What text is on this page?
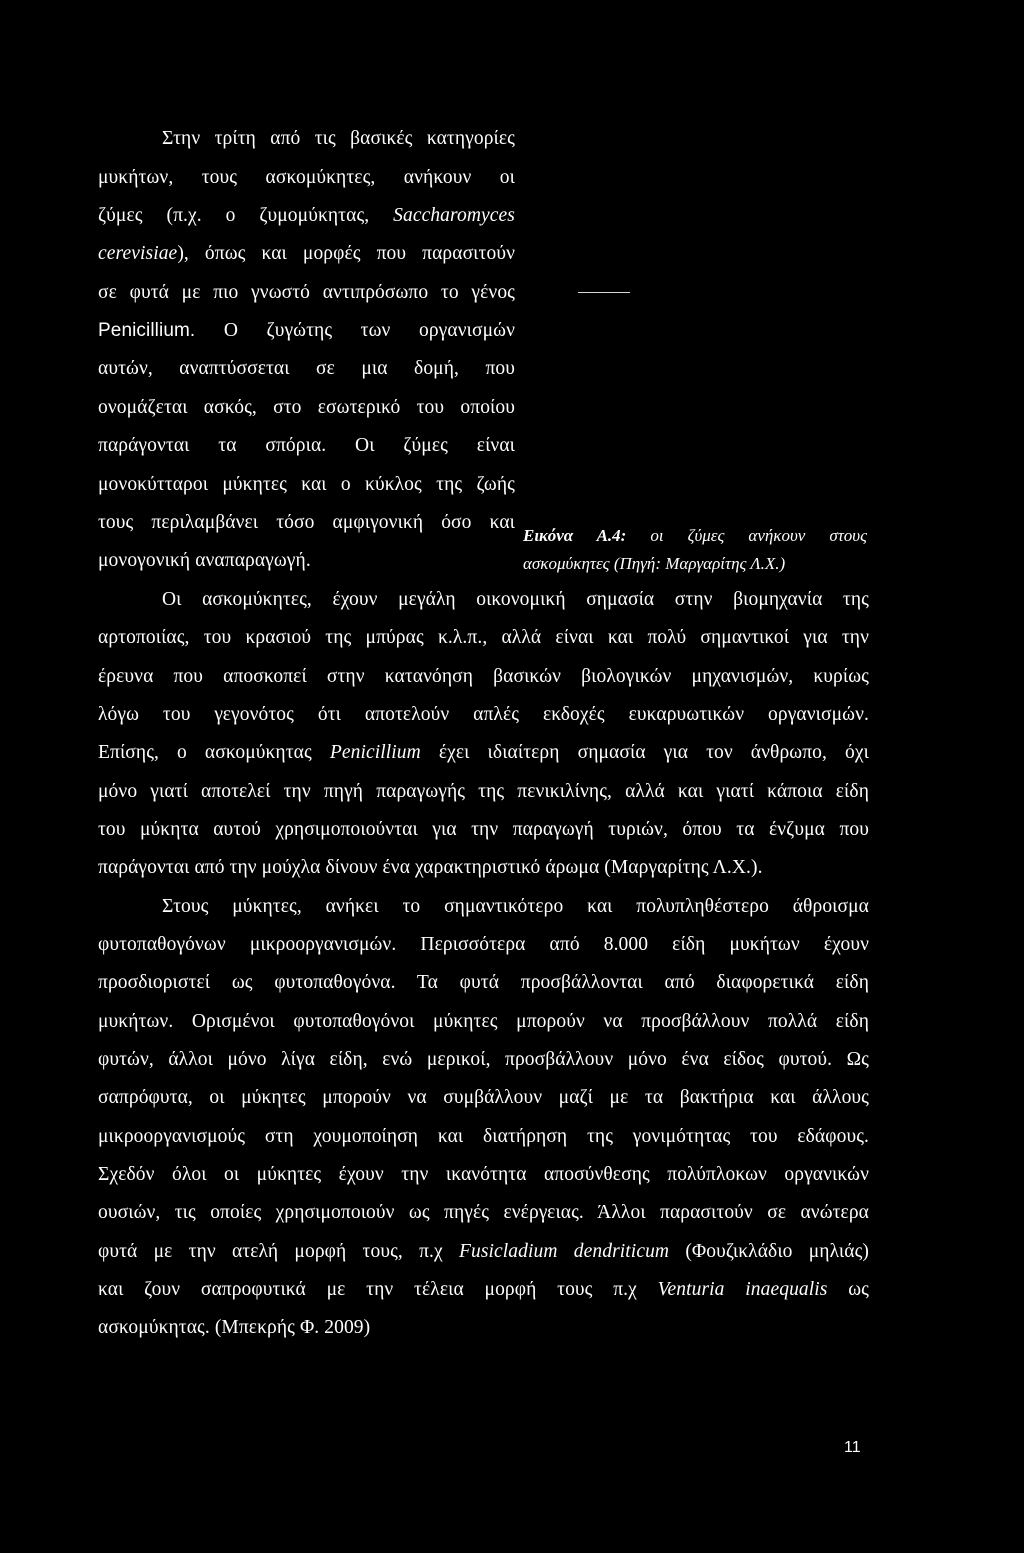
Στην τρίτη από τις βασικές κατηγορίες
μυκήτων, τους ασκομύκητες, ανήκουν οι
ζύμες (π.χ. ο ζυμομύκητας, Saccharomyces
cerevisiae), όπως και μορφές που παρασιτούν
σε φυτά με πιο γνωστό αντιπρόσωπο το γένος
Penicillium. Ο ζυγώτης των οργανισμών
αυτών, αναπτύσσεται σε μια δομή, που
ονομάζεται ασκός, στο εσωτερικό του οποίου
παράγονται τα σπόρια. Οι ζύμες είναι
μονοκύτταροι μύκητες και ο κύκλος της ζωής
τους περιλαμβάνει τόσο αμφιγονική όσο και
μονογονική αναπαραγωγή.
Εικόνα Α.4: οι ζύμες ανήκουν στους
ασκομύκητες (Πηγή: Μαργαρίτης Λ.Χ.)
Οι ασκομύκητες, έχουν μεγάλη οικονομική σημασία στην βιομηχανία της
αρτοποιίας, του κρασιού της μπύρας κ.λ.π., αλλά είναι και πολύ σημαντικοί για την
έρευνα που αποσκοπεί στην κατανόηση βασικών βιολογικών μηχανισμών, κυρίως
λόγω του γεγονότος ότι αποτελούν απλές εκδοχές ευκαρυωτικών οργανισμών.
Επίσης, ο ασκομύκητας Penicillium έχει ιδιαίτερη σημασία για τον άνθρωπο, όχι
μόνο γιατί αποτελεί την πηγή παραγωγής της πενικιλίνης, αλλά και γιατί κάποια είδη
του μύκητα αυτού χρησιμοποιούνται για την παραγωγή τυριών, όπου τα ένζυμα που
παράγονται από την μούχλα δίνουν ένα χαρακτηριστικό άρωμα (Μαργαρίτης Λ.Χ.).
Στους μύκητες, ανήκει το σημαντικότερο και πολυπληθέστερο άθροισμα
φυτοπαθογόνων μικροοργανισμών. Περισσότερα από 8.000 είδη μυκήτων έχουν
προσδιοριστεί ως φυτοπαθογόνα. Τα φυτά προσβάλλονται από διαφορετικά είδη
μυκήτων. Ορισμένοι φυτοπαθογόνοι μύκητες μπορούν να προσβάλλουν πολλά είδη
φυτών, άλλοι μόνο λίγα είδη, ενώ μερικοί, προσβάλλουν μόνο ένα είδος φυτού. Ως
σαπρόφυτα, οι μύκητες μπορούν να συμβάλλουν μαζί με τα βακτήρια και άλλους
μικροοργανισμούς στη χουμοποίηση και διατήρηση της γονιμότητας του εδάφους.
Σχεδόν όλοι οι μύκητες έχουν την ικανότητα αποσύνθεσης πολύπλοκων οργανικών
ουσιών, τις οποίες χρησιμοποιούν ως πηγές ενέργειας. Άλλοι παρασιτούν σε ανώτερα
φυτά με την ατελή μορφή τους, π.χ Fusicladium dendriticum (Φουζικλάδιο μηλιάς)
και ζουν σαπροφυτικά με την τέλεια μορφή τους π.χ Venturia inaequalis ως
ασκομύκητας. (Μπεκρής Φ. 2009)
11
